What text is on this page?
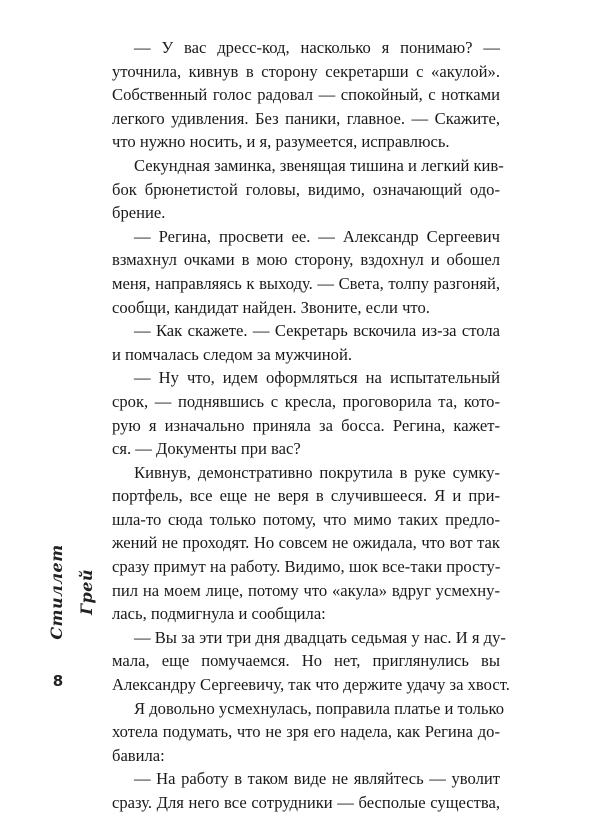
— У вас дресс-код, насколько я понимаю? —
уточнила, кивнув в сторону секретарши с «акулой».
Собственный голос радовал — спокойный, с нотками
легкого удивления. Без паники, главное. — Скажите,
что нужно носить, и я, разумеется, исправлюсь.
Секундная заминка, звенящая тишина и легкий кив-
бок брюнетистой головы, видимо, означающий одо-
брение.
— Регина, просвети ее. — Александр Сергеевич
взмахнул очками в мою сторону, вздохнул и обошел
меня, направляясь к выходу. — Света, толпу разгоняй,
сообщи, кандидат найден. Звоните, если что.
— Как скажете. — Секретарь вскочила из-за стола
и помчалась следом за мужчиной.
— Ну что, идем оформляться на испытательный
срок, — поднявшись с кресла, проговорила та, кото-
рую я изначально приняла за босса. Регина, кажет-
ся. — Документы при вас?
Кивнув, демонстративно покрутила в руке сумку-
портфель, все еще не веря в случившееся. Я и при-
шла-то сюда только потому, что мимо таких предло-
жений не проходят. Но совсем не ожидала, что вот так
сразу примут на работу. Видимо, шок все-таки просту-
пил на моем лице, потому что «акула» вдруг усмехну-
лась, подмигнула и сообщила:
— Вы за эти три дня двадцать седьмая у нас. И я ду-
мала, еще помучаемся. Но нет, приглянулись вы
Александру Сергеевичу, так что держите удачу за хвост.
Я довольно усмехнулась, поправила платье и только
хотела подумать, что не зря его надела, как Регина до-
бавила:
— На работу в таком виде не являйтесь — уволит
сразу. Для него все сотрудники — бесполые существа,
Стиллет Грей
8
